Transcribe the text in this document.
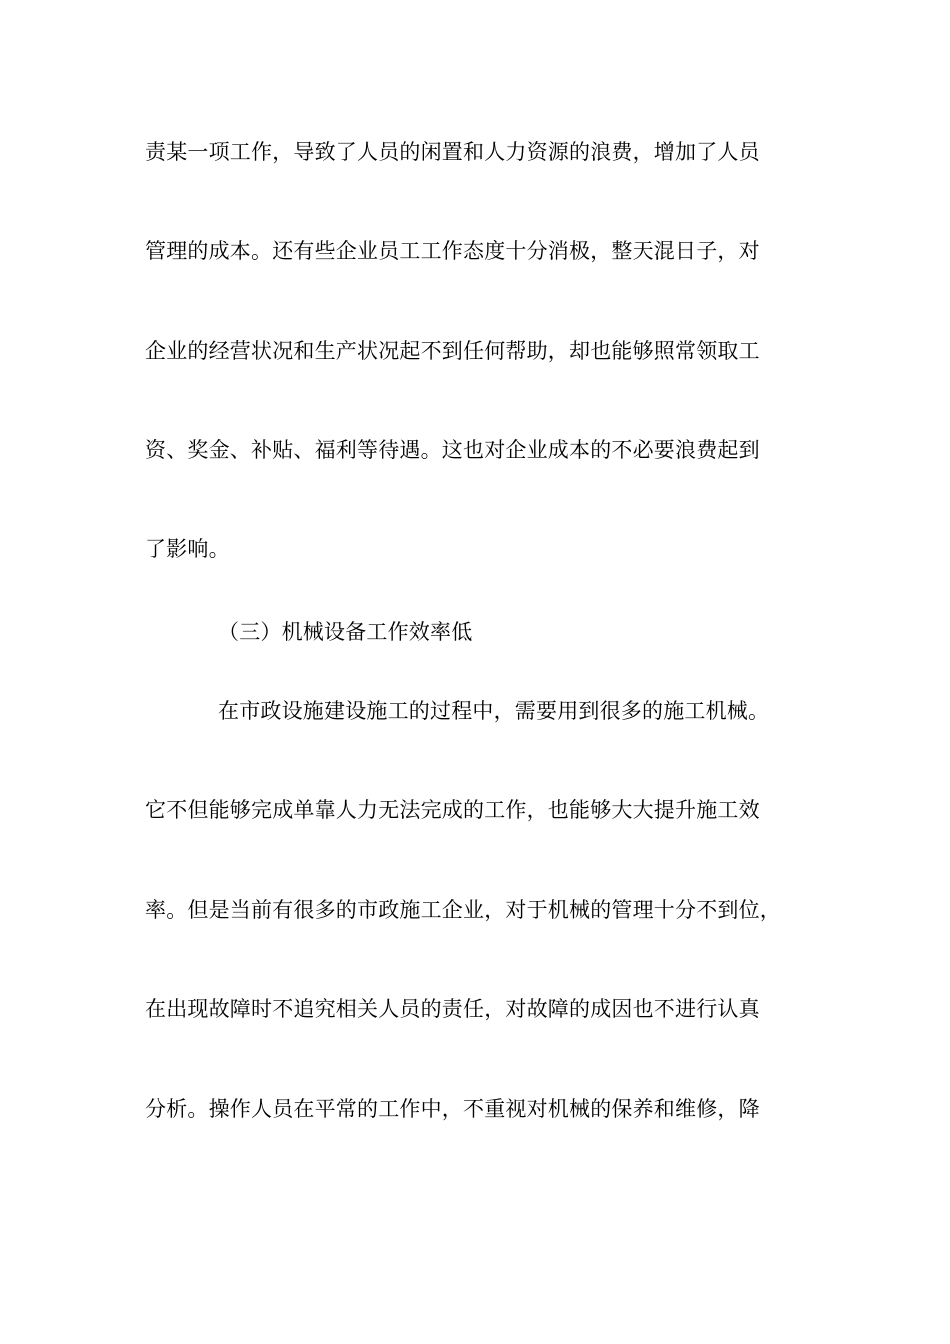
责某一项工作，导致了人员的闲置和人力资源的浪费，增加了人员
管理的成本。还有些企业员工工作态度十分消极，整天混日子，对
企业的经营状况和生产状况起不到任何帮助，却也能够照常领取工
资、奖金、补贴、福利等待遇。这也对企业成本的不必要浪费起到
了影响。
（三）机械设备工作效率低
在市政设施建设施工的过程中，需要用到很多的施工机械。
它不但能够完成单靠人力无法完成的工作，也能够大大提升施工效
率。但是当前有很多的市政施工企业，对于机械的管理十分不到位，
在出现故障时不追究相关人员的责任，对故障的成因也不进行认真
分析。操作人员在平常的工作中，不重视对机械的保养和维修，降
